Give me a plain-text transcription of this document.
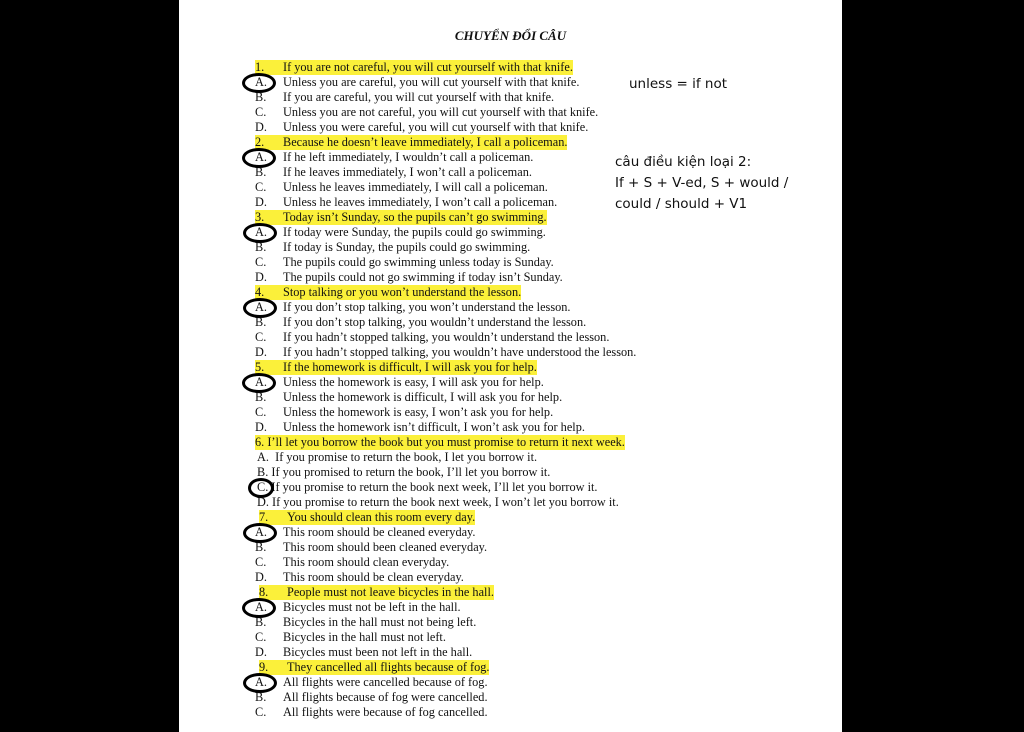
CHUYỂN ĐỔI CÂU
1. If you are not careful, you will cut yourself with that knife.
A. Unless you are careful, you will cut yourself with that knife.
B. If you are careful, you will cut yourself with that knife.
C. Unless you are not careful, you will cut yourself with that knife.
D. Unless you were careful, you will cut yourself with that knife.
2. Because he doesn’t leave immediately, I call a policeman.
A. If he left immediately, I wouldn’t call a policeman.
B. If he leaves immediately, I won’t call a policeman.
C. Unless he leaves immediately, I will call a policeman.
D. Unless he leaves immediately, I won’t call a policeman.
3. Today isn’t Sunday, so the pupils can’t go swimming.
A. If today were Sunday, the pupils could go swimming.
B. If today is Sunday, the pupils could go swimming.
C. The pupils could go swimming unless today is Sunday.
D. The pupils could not go swimming if today isn’t Sunday.
4. Stop talking or you won’t understand the lesson.
A. If you don’t stop talking, you won’t understand the lesson.
B. If you don’t stop talking, you wouldn’t understand the lesson.
C. If you hadn’t stopped talking, you wouldn’t understand the lesson.
D. If you hadn’t stopped talking, you wouldn’t have understood the lesson.
5. If the homework is difficult, I will ask you for help.
A. Unless the homework is easy, I will ask you for help.
B. Unless the homework is difficult, I will ask you for help.
C. Unless the homework is easy, I won’t ask you for help.
D. Unless the homework isn’t difficult, I won’t ask you for help.
6. I’ll let you borrow the book but you must promise to return it next week.
A. If you promise to return the book, I let you borrow it.
B. If you promised to return the book, I’ll let you borrow it.
C. If you promise to return the book next week, I’ll let you borrow it.
D. If you promise to return the book next week, I won’t let you borrow it.
7. You should clean this room every day.
A. This room should be cleaned everyday.
B. This room should been cleaned everyday.
C. This room should clean everyday.
D. This room should be clean everyday.
8. People must not leave bicycles in the hall.
A. Bicycles must not be left in the hall.
B. Bicycles in the hall must not being left.
C. Bicycles in the hall must not left.
D. Bicycles must been not left in the hall.
9. They cancelled all flights because of fog.
A. All flights were cancelled because of fog.
B. All flights because of fog were cancelled.
C. All flights were because of fog cancelled.
unless = if not
câu điều kiện loại 2:
If + S + V-ed, S + would /
could / should + V1
